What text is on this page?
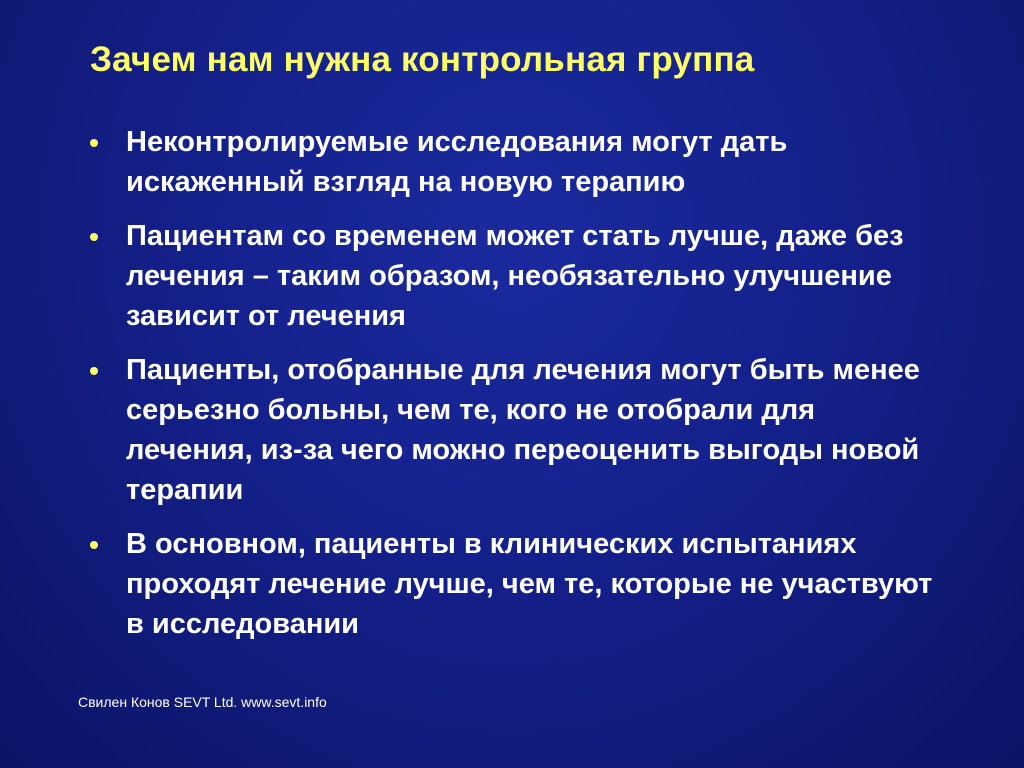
Зачем нам нужна контрольная группа
Неконтролируемые исследования могут дать искаженный взгляд на новую терапию
Пациентам со временем может стать лучше, даже без лечения – таким образом, необязательно улучшение зависит от лечения
Пациенты, отобранные для лечения могут быть менее серьезно больны, чем те, кого не отобрали для лечения, из-за чего можно переоценить выгоды новой терапии
В основном, пациенты в клинических испытаниях проходят лечение лучше, чем те, которые не участвуют в исследовании
Свилен Конов SEVT Ltd. www.sevt.info
